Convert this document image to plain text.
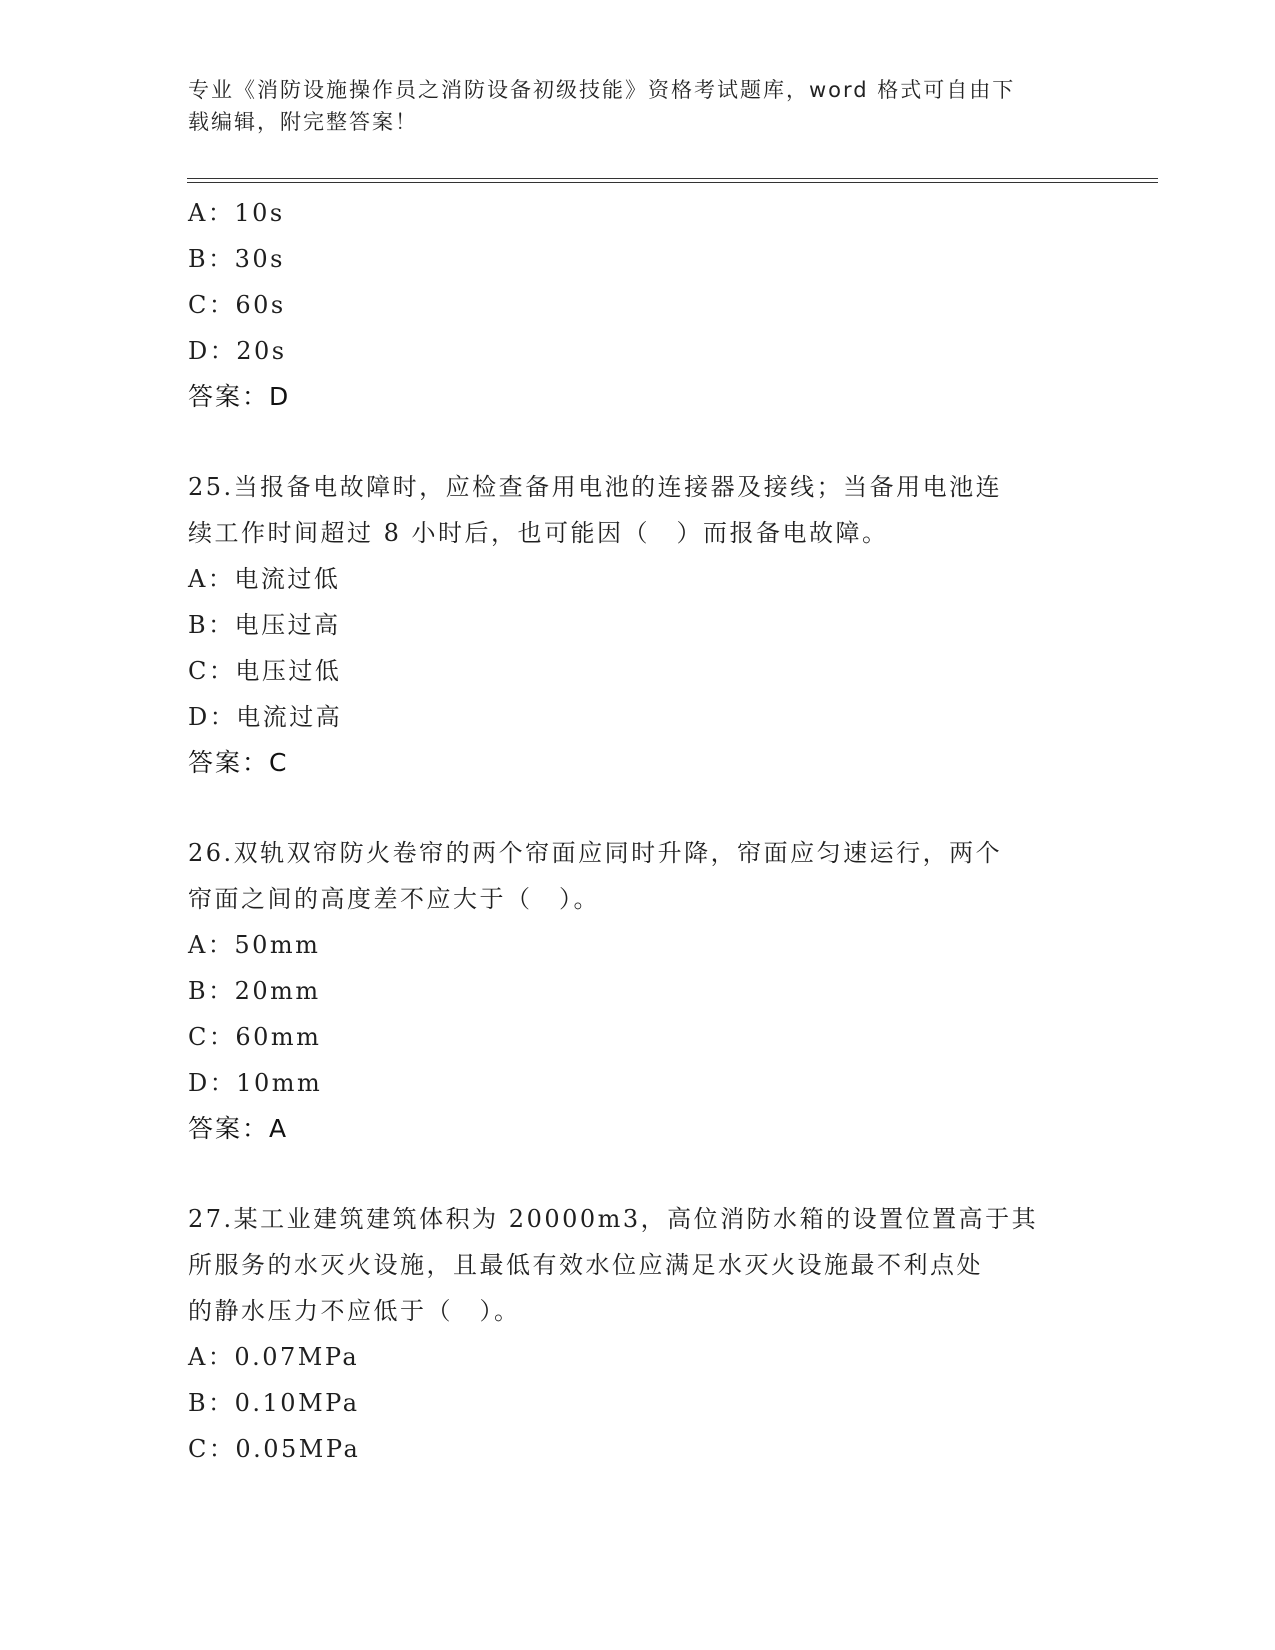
专业《消防设施操作员之消防设备初级技能》资格考试题库，word 格式可自由下
载编辑，附完整答案！
A：10s
B：30s
C：60s
D：20s
答案：D
25.当报备电故障时，应检查备用电池的连接器及接线；当备用电池连
续工作时间超过 8 小时后，也可能因（　）而报备电故障。
A：电流过低
B：电压过高
C：电压过低
D：电流过高
答案：C
26.双轨双帘防火卷帘的两个帘面应同时升降，帘面应匀速运行，两个
帘面之间的高度差不应大于（　）。
A：50mm
B：20mm
C：60mm
D：10mm
答案：A
27.某工业建筑建筑体积为 20000m3，高位消防水箱的设置位置高于其
所服务的水灭火设施，且最低有效水位应满足水灭火设施最不利点处
的静水压力不应低于（　）。
A：0.07MPa
B：0.10MPa
C：0.05MPa
